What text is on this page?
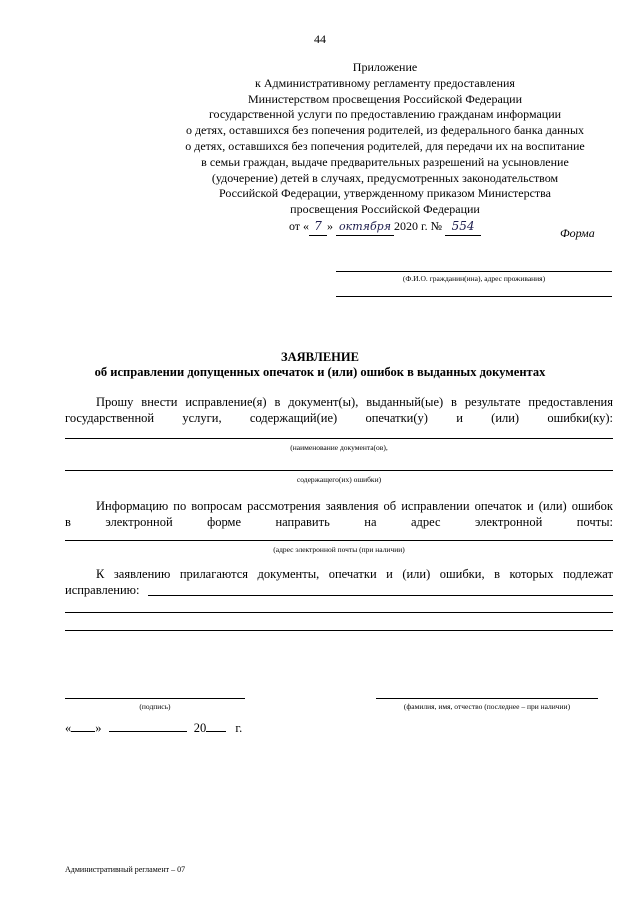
44
Приложение
к Административному регламенту предоставления
Министерством просвещения Российской Федерации
государственной услуги по предоставлению гражданам информации
о детях, оставшихся без попечения родителей, из федерального банка данных
о детях, оставшихся без попечения родителей, для передачи их на воспитание
в семьи граждан, выдаче предварительных разрешений на усыновление
(удочерение) детей в случаях, предусмотренных законодательством
Российской Федерации, утвержденному приказом Министерства
просвещения Российской Федерации
от « 7 » октября 2020 г. № 554
Форма
(Ф.И.О. гражданин(ина), адрес проживания)
ЗАЯВЛЕНИЕ
об исправлении допущенных опечаток и (или) ошибок в выданных документах
Прошу внести исправление(я) в документ(ы), выданный(ые) в результате предоставления
государственной услуги, содержащий(ие) опечатки(у) и (или) ошибки(ку):
(наименование документа(ов),
содержащего(их) ошибки)
Информацию по вопросам рассмотрения заявления об исправлении опечаток и (или) ошибок
в электронной форме направить на адрес электронной почты:
(адрес электронной почты (при наличии)
К заявлению прилагаются документы, опечатки и (или) ошибки, в которых подлежат
исправлению:
(подпись)	(фамилия, имя, отчество (последнее – при наличии)
« »	20 г.
Административный регламент – 07
